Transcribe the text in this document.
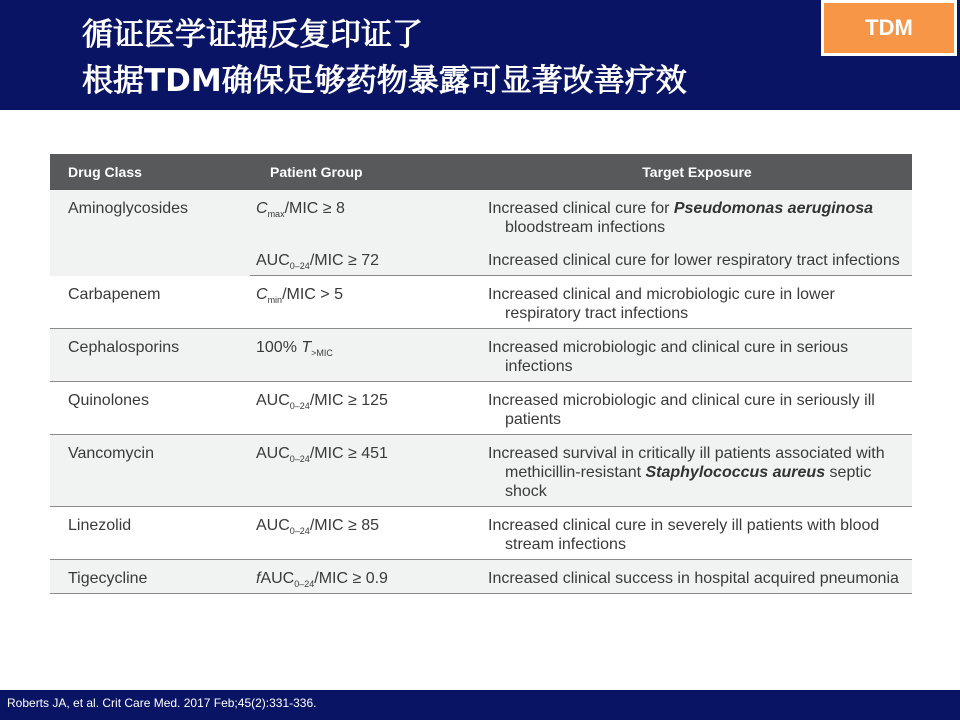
循证医学证据反复印证了
根据TDM确保足够药物暴露可显著改善疗效
TDM
Drug Class	Patient Group	Target Exposure
Aminoglycosides	$C_{max}$/MIC ≥ 8	Increased clinical cure for Pseudomonas aeruginosa bloodstream infections

	$AUC_{0-24}$/MIC ≥ 72	Increased clinical cure for lower respiratory tract infections

Carbapenem	$C_{min}$/MIC > 5	Increased clinical and microbiologic cure in lower respiratory tract infections

Cephalosporins	100% $T_{>MIC}$	Increased microbiologic and clinical cure in serious infections

Quinolones	$AUC_{0-24}$/MIC ≥ 125	Increased microbiologic and clinical cure in seriously ill patients

Vancomycin	$AUC_{0-24}$/MIC ≥ 451	Increased survival in critically ill patients associated with methicillin-resistant Staphylococcus aureus septic shock

Linezolid	$AUC_{0-24}$/MIC ≥ 85	Increased clinical cure in severely ill patients with blood stream infections

Tigecycline	fAUC$_{0-24}$/MIC ≥ 0.9	Increased clinical success in hospital acquired pneumonia
Roberts JA, et al. Crit Care Med. 2017 Feb;45(2):331-336.
